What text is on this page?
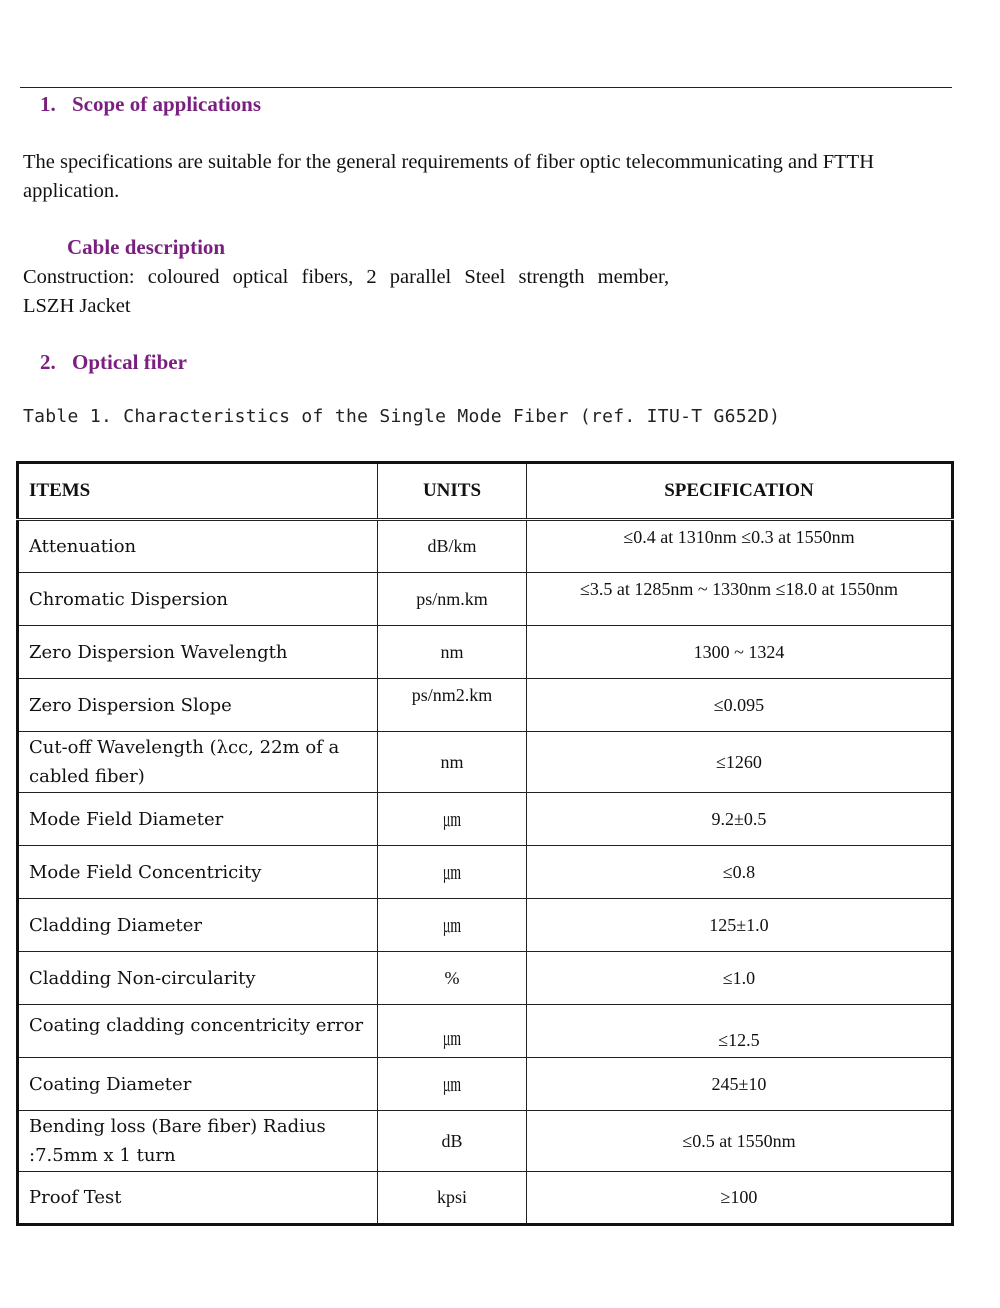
1. Scope of applications
The specifications are suitable for the general requirements of fiber optic telecommunicating and FTTH application.
Cable description
Construction: coloured optical fibers, 2 parallel Steel strength member,
LSZH Jacket
2. Optical fiber
Table 1. Characteristics of the Single Mode Fiber (ref. ITU-T G652D)
ITEMS	UNITS	SPECIFICATION
Attenuation	dB/km	≤0.4 at 1310nm ≤0.3 at 1550nm
Chromatic Dispersion	ps/nm.km	≤3.5 at 1285nm ~ 1330nm ≤18.0 at 1550nm
Zero Dispersion Wavelength	nm	1300 ~ 1324
Zero Dispersion Slope	ps/nm2.km	≤0.095
Cut-off Wavelength (λcc, 22m of a cabled fiber)	nm	≤1260
Mode Field Diameter	㎛	9.2±0.5
Mode Field Concentricity	㎛	≤0.8
Cladding Diameter	㎛	125±1.0
Cladding Non-circularity	%	≤1.0
Coating cladding concentricity error	㎛	≤12.5
Coating Diameter	㎛	245±10
Bending loss (Bare fiber) Radius :7.5mm x 1 turn	dB	≤0.5 at 1550nm
Proof Test	kpsi	≥100
